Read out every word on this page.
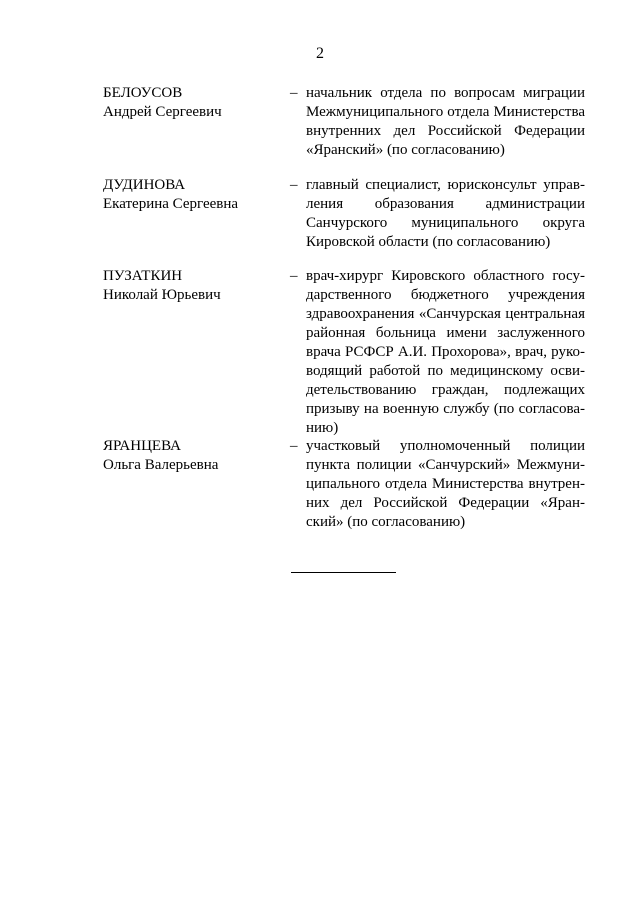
2
БЕЛОУСОВ
Андрей Сергеевич
– начальник отдела по вопросам миграции Межмуниципального отдела Министерства внутренних дел Российской Федерации «Яранский» (по согласованию)
ДУДИНОВА
Екатерина Сергеевна
– главный специалист, юрисконсульт управления образования администрации Санчурского муниципального округа Кировской области (по согласованию)
ПУЗАТКИН
Николай Юрьевич
– врач-хирург Кировского областного государственного бюджетного учреждения здравоохранения «Санчурская центральная районная больница имени заслуженного врача РСФСР А.И. Прохорова», врач, руководящий работой по медицинскому освидетельствованию граждан, подлежащих призыву на военную службу (по согласованию)
ЯРАНЦЕВА
Ольга Валерьевна
– участковый уполномоченный полиции пункта полиции «Санчурский» Межмуниципального отдела Министерства внутренних дел Российской Федерации «Яранский» (по согласованию)
